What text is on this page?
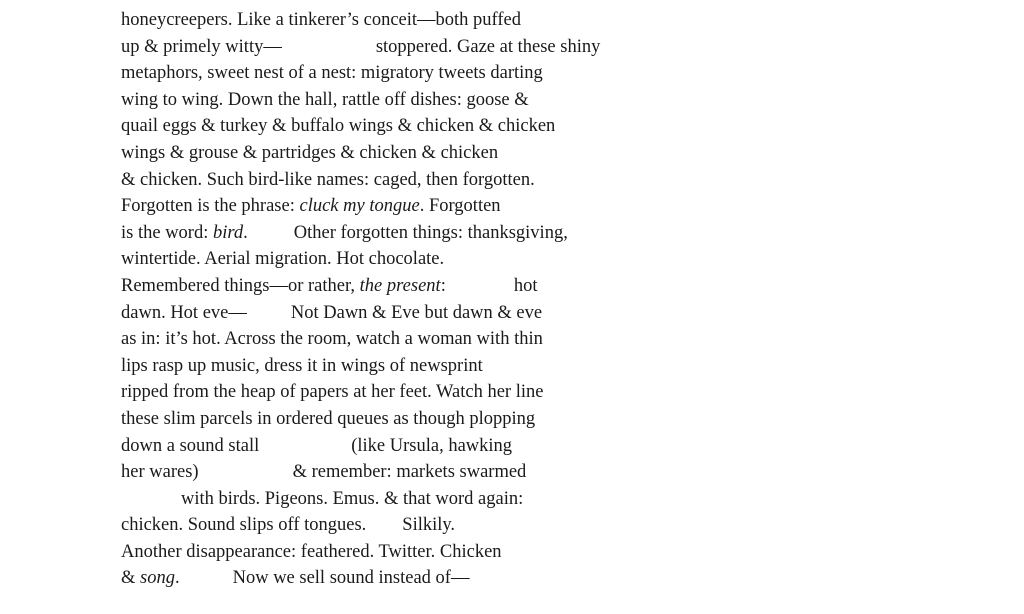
honeycreepers. Like a tinkerer’s conceit—both puffed
up & primely witty—	stoppered. Gaze at these shiny
metaphors, sweet nest of a nest: migratory tweets darting
wing to wing. Down the hall, rattle off dishes: goose &
quail eggs & turkey & buffalo wings & chicken & chicken
wings & grouse & partridges & chicken & chicken
& chicken. Such bird-like names: caged, then forgotten.
Forgotten is the phrase: cluck my tongue. Forgotten
is the word: bird. Other forgotten things: thanksgiving,
wintertide. Aerial migration. Hot chocolate.
Remembered things—or rather, the present:	hot
dawn. Hot eve— Not Dawn & Eve but dawn & eve
as in: it’s hot. Across the room, watch a woman with thin
lips rasp up music, dress it in wings of newsprint
ripped from the heap of papers at her feet. Watch her line
these slim parcels in ordered queues as though plopping
down a sound stall	(like Ursula, hawking
her wares)	& remember: markets swarmed
with birds. Pigeons. Emus. & that word again:
chicken. Sound slips off tongues. Silkily.
Another disappearance: feathered. Twitter. Chicken
& song.	Now we sell sound instead of—
